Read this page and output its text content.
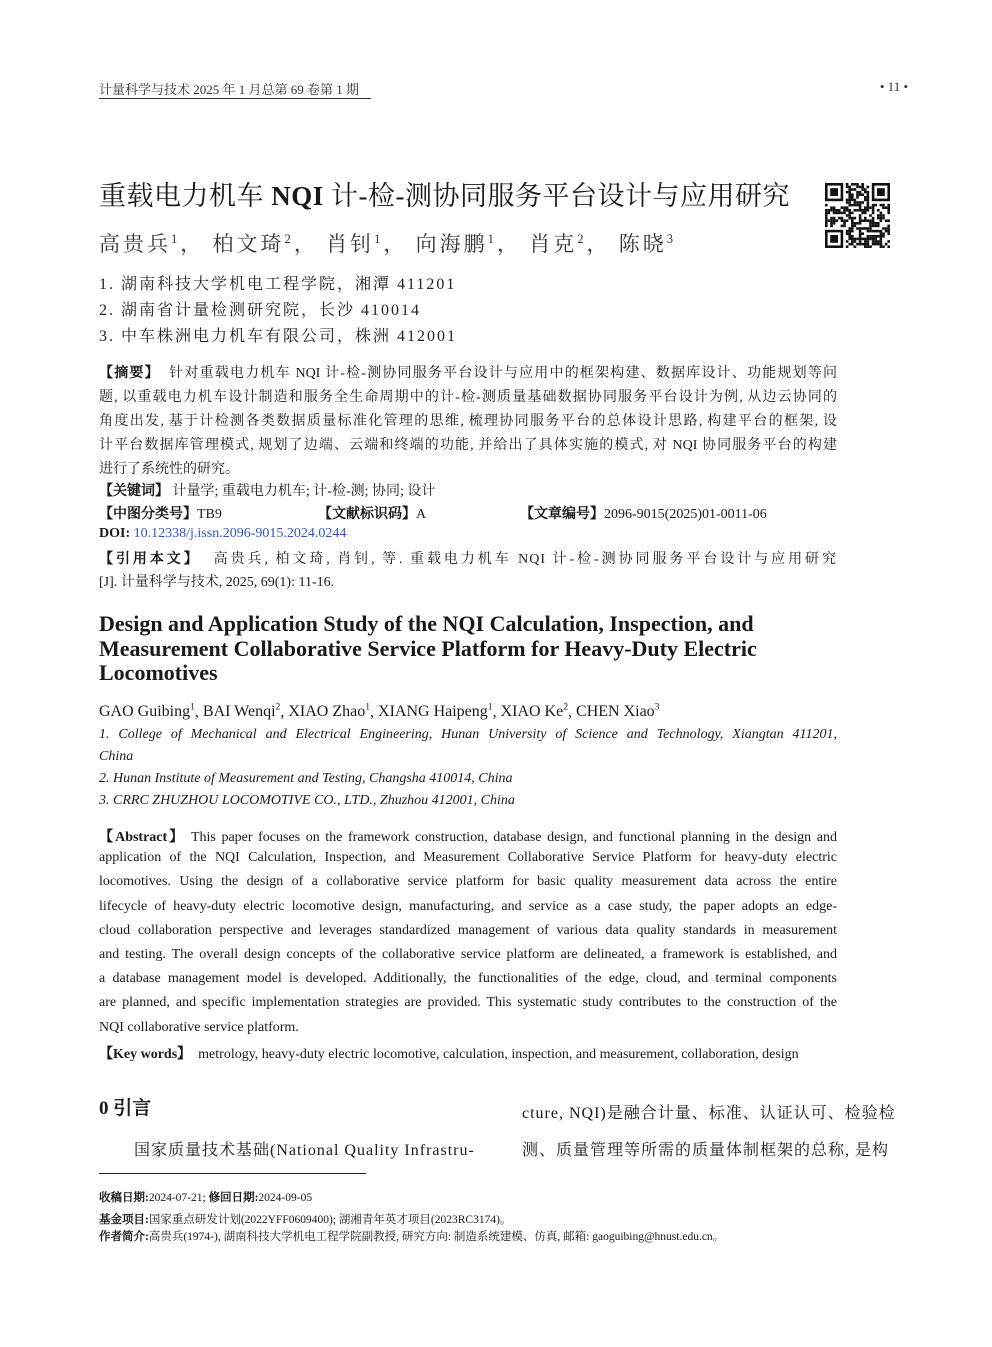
计量科学与技术 2025 年 1 月总第 69 卷第 1 期	• 11 •
重载电力机车 NQI 计-检-测协同服务平台设计与应用研究
高贵兵$^1$， 柏文琦$^2$， 肖钊$^1$， 向海鹏$^1$， 肖克$^2$， 陈晓$^3$
1. 湖南科技大学机电工程学院，湘潭 411201
2. 湖南省计量检测研究院，长沙 410014
3. 中车株洲电力机车有限公司，株洲 412001
【摘要】 针对重载电力机车 NQI 计-检-测协同服务平台设计与应用中的框架构建、数据库设计、功能规划等问
题, 以重载电力机车设计制造和服务全生命周期中的计-检-测质量基础数据协同服务平台设计为例, 从边云协同的
角度出发, 基于计检测各类数据质量标准化管理的思维, 梳理协同服务平台的总体设计思路, 构建平台的框架, 设
计平台数据库管理模式, 规划了边端、云端和终端的功能, 并给出了具体实施的模式, 对 NQI 协同服务平台的构建
进行了系统性的研究。
【关键词】 计量学; 重载电力机车; 计-检-测; 协同; 设计
【中图分类号】TB9	【文献标识码】A	【文章编号】2096-9015(2025)01-0011-06
DOI: 10.12338/j.issn.2096-9015.2024.0244
【引用本文】 高贵兵, 柏文琦, 肖钊, 等. 重载电力机车 NQI 计-检-测协同服务平台设计与应用研究
[J]. 计量科学与技术, 2025, 69(1): 11-16.
Design and Application Study of the NQI Calculation, Inspection, and Measurement Collaborative Service Platform for Heavy-Duty Electric Locomotives
GAO Guibing$^1$, BAI Wenqi$^2$, XIAO Zhao$^1$, XIANG Haipeng$^1$, XIAO Ke$^2$, CHEN Xiao$^3$
1. College of Mechanical and Electrical Engineering, Hunan University of Science and Technology, Xiangtan 411201,
China
2. Hunan Institute of Measurement and Testing, Changsha 410014, China
3. CRRC ZHUZHOU LOCOMOTIVE CO., LTD., Zhuzhou 412001, China
【Abstract】 This paper focuses on the framework construction, database design, and functional planning in the design and
application of the NQI Calculation, Inspection, and Measurement Collaborative Service Platform for heavy-duty electric
locomotives. Using the design of a collaborative service platform for basic quality measurement data across the entire
lifecycle of heavy-duty electric locomotive design, manufacturing, and service as a case study, the paper adopts an edge-
cloud collaboration perspective and leverages standardized management of various data quality standards in measurement
and testing. The overall design concepts of the collaborative service platform are delineated, a framework is established, and
a database management model is developed. Additionally, the functionalities of the edge, cloud, and terminal components
are planned, and specific implementation strategies are provided. This systematic study contributes to the construction of the
NQI collaborative service platform.
【Key words】 metrology, heavy-duty electric locomotive, calculation, inspection, and measurement, collaboration, design
0 引言
国家质量技术基础(National Quality Infrastru-
cture, NQI)是融合计量、标准、认证认可、检验检
测、质量管理等所需的质量体制框架的总称, 是构
收稿日期:2024-07-21; 修回日期:2024-09-05
基金项目:国家重点研发计划(2022YFF0609400); 湖湘青年英才项目(2023RC3174)。
作者简介:高贵兵(1974-), 湖南科技大学机电工程学院副教授, 研究方向: 制造系统建模、仿真, 邮箱: gaoguibing@hnust.edu.cn。
